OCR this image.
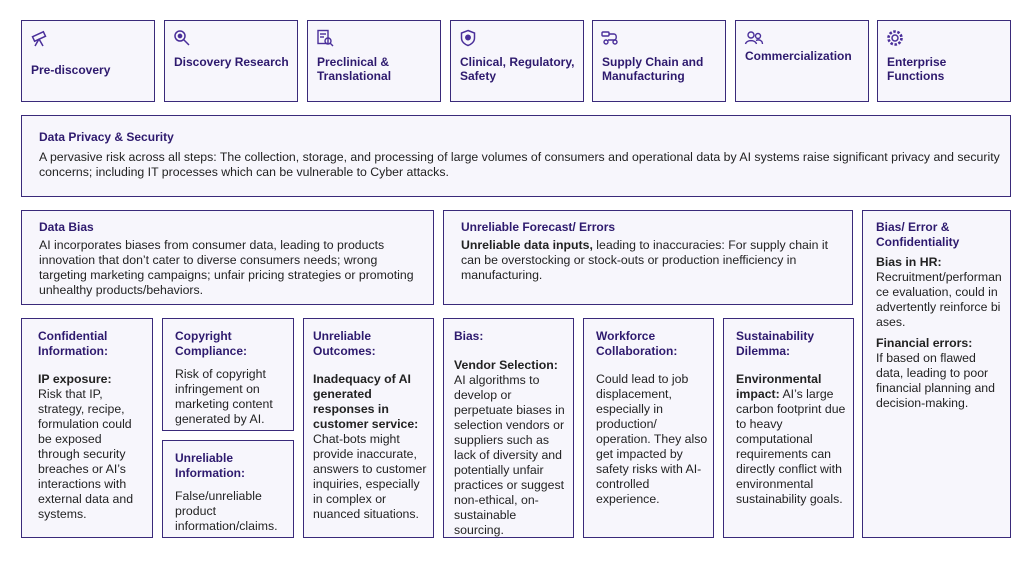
Pre-discovery
Discovery Research Preclinical & Translational
Clinical, Regulatory, Safety
Supply Chain and Manufacturing
Commercialization	Enterprise Functions

Data Privacy & Security

A pervasive risk across all steps: The collection, storage, and processing of large volumes of consumers and operational data by AI systems raise significant privacy and security concerns; including IT processes which can be vulnerable to Cyber attacks.

Data Bias

AI incorporates biases from consumer data, leading to products innovation that don’t cater to diverse consumers needs; wrong targeting marketing campaigns; unfair pricing strategies or promoting unhealthy products/behaviors.

Unreliable Forecast/ Errors

Unreliable data inputs, leading to inaccuracies: For supply chain it can be overstocking or stock-outs or production inefficiency in manufacturing.

Bias/ Error & Confidentiality

Bias in HR:

Recruitment/performance evaluation, could inadvertently reinforce biases.

Financial errors:

If based on flawed data, leading to poor financial planning and decision-making.

Confidential Information:

IP exposure:

Risk that IP, strategy, recipe, formulation could be exposed through security breaches or AI’s interactions with external data and systems.

Copyright Compliance:

Risk of copyright infringement on marketing content generated by AI.

Unreliable Information:

False/unreliable product information/claims.

Unreliable Outcomes:

Inadequacy of AI generated responses in customer service:

Chat-bots might provide inaccurate, answers to customer inquiries, especially in complex or nuanced situations.

Bias:

Vendor Selection:

AI algorithms to develop or perpetuate biases in selection vendors or suppliers such as lack of diversity and potentially unfair practices or suggest non-ethical, on-sustainable sourcing.

Workforce Collaboration:

Could lead to job displacement, especially in production/ operation. They also get impacted by safety risks with AI-controlled experience.

Sustainability Dilemma:

Environmental impact: AI’s large carbon footprint due to heavy computational requirements can directly conflict with environmental sustainability goals.
